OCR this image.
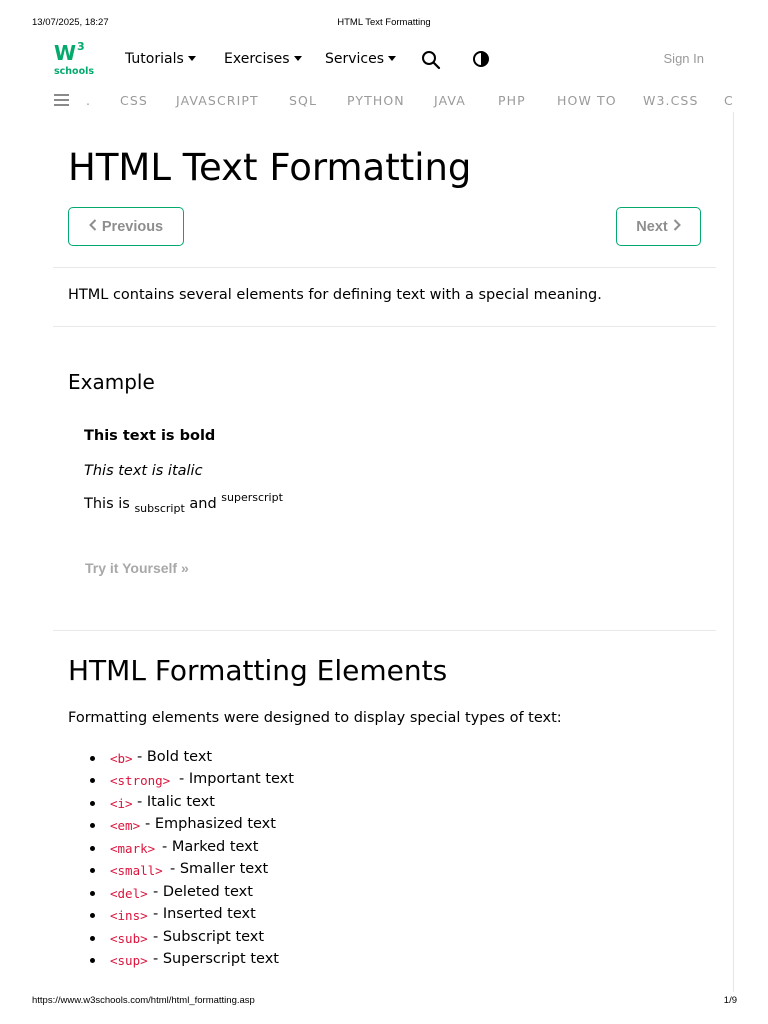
13/07/2025, 18:27	HTML Text Formatting
W 3
schools
Tutorials	Exercises	Services	Sign In
. CSS JAVASCRIPT SQL PYTHON JAVA	PHP HOW TO W3.CSS C
HTML Text Formatting
Previous	Next
HTML contains several elements for defining text with a special meaning.
Example
This text is bold
This text is italic
This is $_{subscript}$ and $^{superscript}$
Try it Yourself »
HTML Formatting Elements
Formatting elements were designed to display special types of text:
<b> - Bold text
<strong> - Important text
<i> - Italic text
<em> - Emphasized text
<mark> - Marked text
<small> - Smaller text
<del> - Deleted text
<ins> - Inserted text
<sub> - Subscript text
<sup> - Superscript text
https://www.w3schools.com/html/html_formatting.asp	1/9
